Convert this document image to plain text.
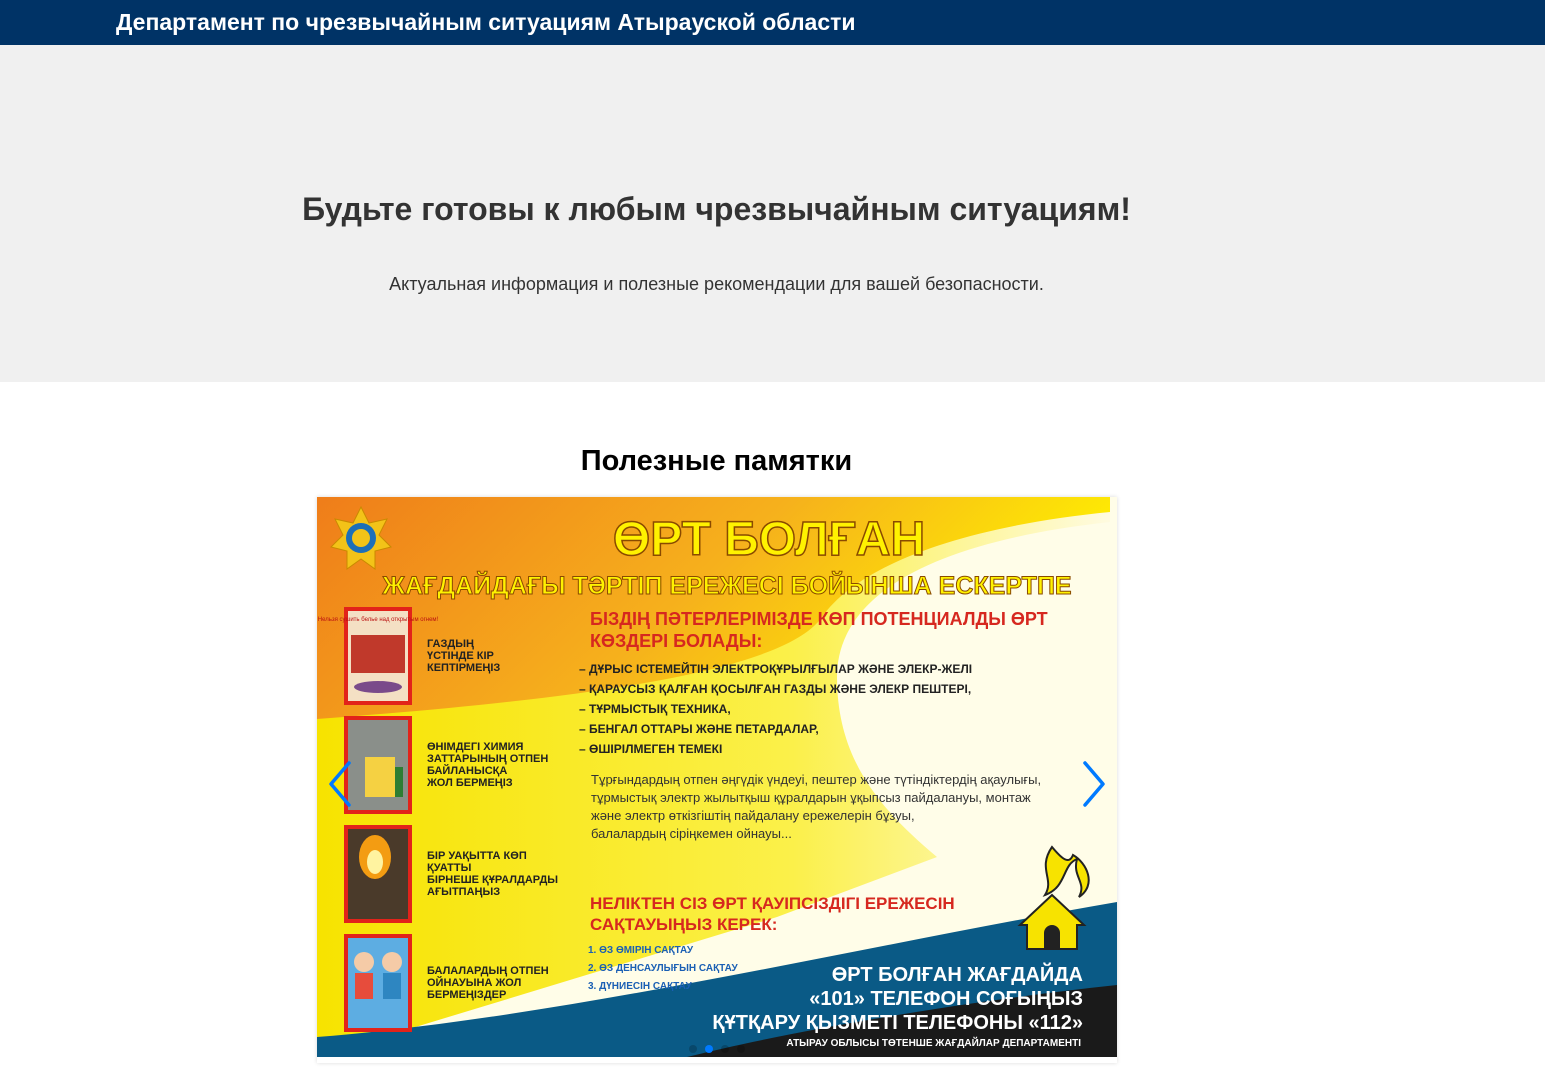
Департамент по чрезвычайным ситуациям Атырауской области
Будьте готовы к любым чрезвычайным ситуациям!

Актуальная информация и полезные рекомендации для вашей безопасности.

Полезные памятки
ӨРТ БОЛҒАН
ЖАҒДАЙДАҒЫ ТӘРТІП ЕРЕЖЕСІ БОЙЫНША ЕСКЕРТПЕ
Нельзя сушить белье над открытым огнем!
ГАЗДЫҢ
ҮСТІНДЕ КІР
КЕПТІРМЕҢІЗ
ӨНІМДЕГІ ХИМИЯ
ЗАТТАРЫНЫҢ ОТПЕН
БАЙЛАНЫСҚА
ЖОЛ БЕРМЕҢІЗ
БІР УАҚЫТТА КӨП
ҚУАТТЫ
БІРНЕШЕ ҚҰРАЛДАРДЫ
АҒЫТПАҢЫЗ
БАЛАЛАРДЫҢ ОТПЕН
ОЙНАУЫНА ЖОЛ
БЕРМЕҢІЗДЕР
БІЗДІҢ ПӘТЕРЛЕРІМІЗДЕ КӨП ПОТЕНЦИАЛДЫ ӨРТ
КӨЗДЕРІ БОЛАДЫ:
– ДҰРЫС ІСТЕМЕЙТІН ЭЛЕКТРОҚҰРЫЛҒЫЛАР ЖӘНЕ ЭЛЕКР-ЖЕЛІ
– ҚАРАУСЫЗ ҚАЛҒАН ҚОСЫЛҒАН ГАЗДЫ ЖӘНЕ ЭЛЕКР ПЕШТЕРІ,
– ТҰРМЫСТЫҚ ТЕХНИКА,
– БЕНГАЛ ОТТАРЫ ЖӘНЕ ПЕТАРДАЛАР,
– ӨШІРІЛМЕГЕН ТЕМЕКІ
Тұрғындардың отпен әңгүдік үндеуі, пештер және түтіндіктердің ақаулығы,
тұрмыстық электр жылытқыш құралдарын ұқыпсыз пайдалануы, монтаж
және электр өткізгіштің пайдалану ережелерін бұзуы,
балалардың сіріңкемен ойнауы...
НЕЛІКТЕН СІЗ ӨРТ ҚАУІПСІЗДІГІ ЕРЕЖЕСІН
САҚТАУЫҢЫЗ КЕРЕК:
1. ӨЗ ӨМІРІН САҚТАУ
2. ӨЗ ДЕНСАУЛЫҒЫН САҚТАУ
3. ДҮНИЕСІН САҚТАУ
ӨРТ БОЛҒАН ЖАҒДАЙДА
«101» ТЕЛЕФОН СОҒЫҢЫЗ
ҚҰТҚАРУ ҚЫЗМЕТІ ТЕЛЕФОНЫ «112»
АТЫРАУ ОБЛЫСЫ ТӨТЕНШЕ ЖАҒДАЙЛАР ДЕПАРТАМЕНТІ
